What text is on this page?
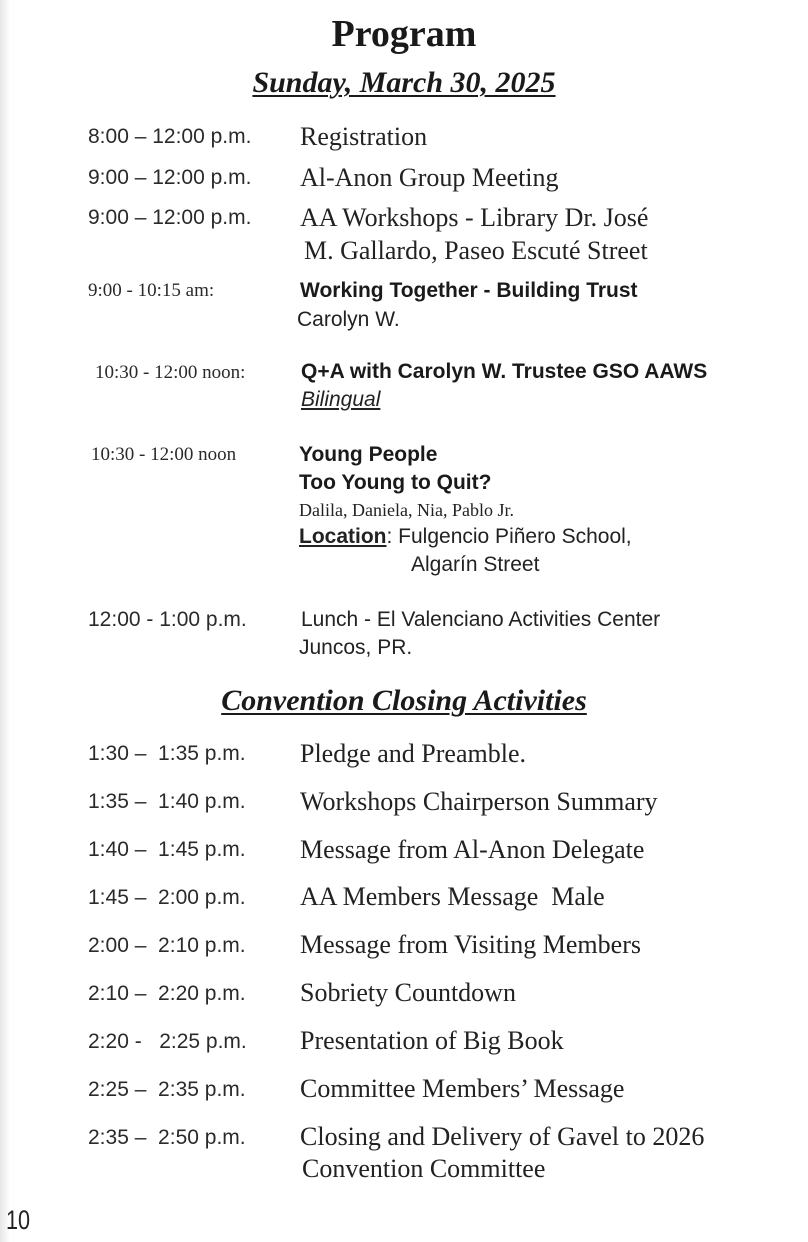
Program
Sunday, March 30, 2025
8:00 – 12:00 p.m. Registration
9:00 – 12:00 p.m. Al-Anon Group Meeting
9:00 – 12:00 p.m. AA Workshops - Library Dr. José
M. Gallardo, Paseo Escuté Street
9:00 - 10:15 am:	Working Together - Building Trust
Carolyn W.
10:30 - 12:00 noon:	Q+A with Carolyn W. Trustee GSO AAWS
Bilingual
10:30 - 12:00 noon	Young People
Too Young to Quit?
Dalila, Daniela, Nia, Pablo Jr.
Location: Fulgencio Piñero School,
Algarín Street
12:00 - 1:00 p.m.	Lunch - El Valenciano Activities Center
Juncos, PR.
Convention Closing Activities
1:30 –  1:35 p.m. Pledge and Preamble.
1:35 –  1:40 p.m. Workshops Chairperson Summary
1:40 –  1:45 p.m. Message from Al-Anon Delegate
1:45 –  2:00 p.m. AA Members Message  Male
2:00 –  2:10 p.m. Message from Visiting Members
2:10 –  2:20 p.m. Sobriety Countdown
2:20 -   2:25 p.m. Presentation of Big Book
2:25 –  2:35 p.m. Committee Members’ Message
2:35 –  2:50 p.m. Closing and Delivery of Gavel to 2026
Convention Committee
10
